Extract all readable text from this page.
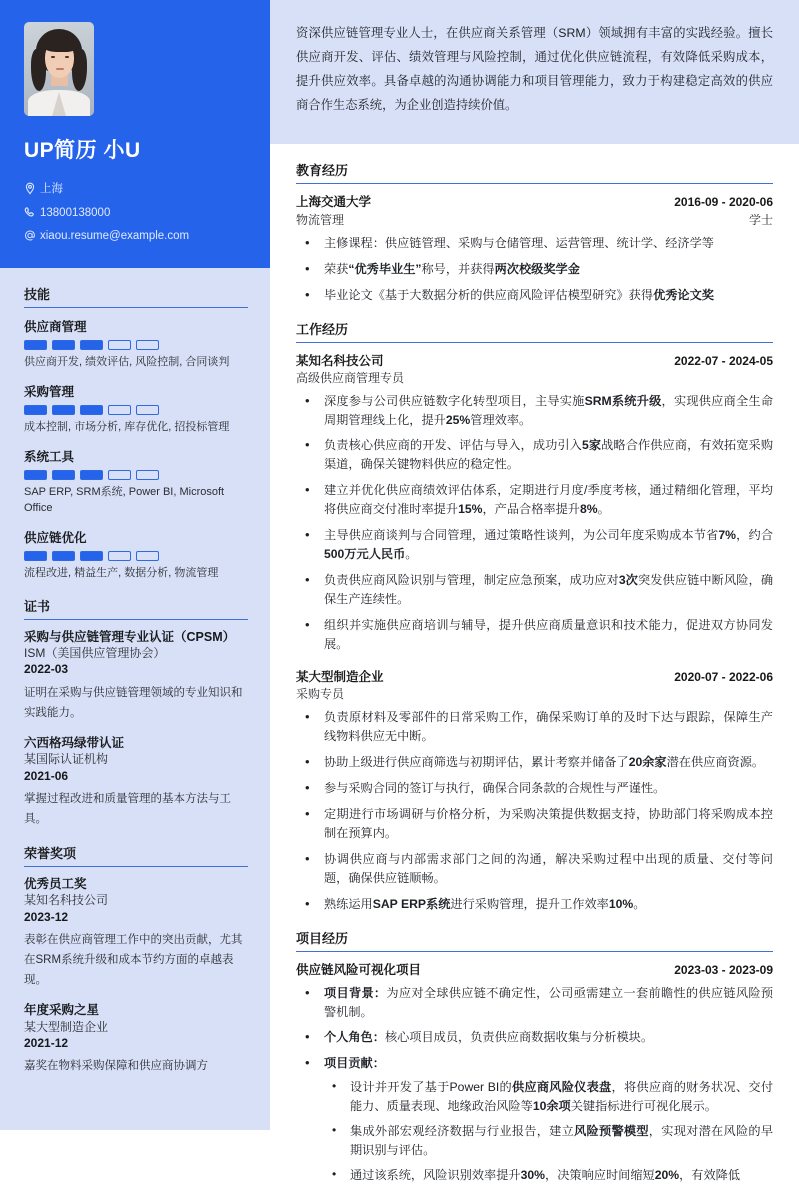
UP简历 小U
上海
13800138000
xiaou.resume@example.com
技能
供应商管理
供应商开发, 绩效评估, 风险控制, 合同谈判
采购管理
成本控制, 市场分析, 库存优化, 招投标管理
系统工具
SAP ERP, SRM系统, Power BI, Microsoft Office
供应链优化
流程改进, 精益生产, 数据分析, 物流管理
证书
采购与供应链管理专业认证（CPSM）
ISM（美国供应管理协会）
2022-03
证明在采购与供应链管理领域的专业知识和实践能力。
六西格玛绿带认证
某国际认证机构
2021-06
掌握过程改进和质量管理的基本方法与工具。
荣誉奖项
优秀员工奖
某知名科技公司
2023-12
表彰在供应商管理工作中的突出贡献，尤其在SRM系统升级和成本节约方面的卓越表现。
年度采购之星
某大型制造企业
2021-12
嘉奖在物料采购保障和供应商协调方

资深供应链管理专业人士，在供应商关系管理（SRM）领域拥有丰富的实践经验。擅长供应商开发、评估、绩效管理与风险控制，通过优化供应链流程，有效降低采购成本，提升供应效率。具备卓越的沟通协调能力和项目管理能力，致力于构建稳定高效的供应商合作生态系统，为企业创造持续价值。

教育经历
上海交通大学	2016-09 - 2020-06
物流管理	学士
• 主修课程：供应链管理、采购与仓储管理、运营管理、统计学、经济学等
• 荣获“优秀毕业生”称号，并获得两次校级奖学金
• 毕业论文《基于大数据分析的供应商风险评估模型研究》获得优秀论文奖
工作经历
某知名科技公司	2022-07 - 2024-05
高级供应商管理专员
• 深度参与公司供应链数字化转型项目，主导实施SRM系统升级，实现供应商全生命周期管理线上化，提升25%管理效率。
• 负责核心供应商的开发、评估与导入，成功引入5家战略合作供应商，有效拓宽采购渠道，确保关键物料供应的稳定性。
• 建立并优化供应商绩效评估体系，定期进行月度/季度考核，通过精细化管理，平均将供应商交付准时率提升15%，产品合格率提升8%。
• 主导供应商谈判与合同管理，通过策略性谈判，为公司年度采购成本节省7%，约合500万元人民币。
• 负责供应商风险识别与管理，制定应急预案，成功应对3次突发供应链中断风险，确保生产连续性。
• 组织并实施供应商培训与辅导，提升供应商质量意识和技术能力，促进双方协同发展。
某大型制造企业	2020-07 - 2022-06
采购专员
• 负责原材料及零部件的日常采购工作，确保采购订单的及时下达与跟踪，保障生产线物料供应无中断。
• 协助上级进行供应商筛选与初期评估，累计考察并储备了20余家潜在供应商资源。
• 参与采购合同的签订与执行，确保合同条款的合规性与严谨性。
• 定期进行市场调研与价格分析，为采购决策提供数据支持，协助部门将采购成本控制在预算内。
• 协调供应商与内部需求部门之间的沟通，解决采购过程中出现的质量、交付等问题，确保供应链顺畅。
• 熟练运用SAP ERP系统进行采购管理，提升工作效率10%。
项目经历
供应链风险可视化项目	2023-03 - 2023-09
• 项目背景：为应对全球供应链不确定性，公司亟需建立一套前瞻性的供应链风险预警机制。
• 个人角色：核心项目成员，负责供应商数据收集与分析模块。
• 项目贡献：
• 设计并开发了基于Power BI的供应商风险仪表盘，将供应商的财务状况、交付能力、质量表现、地缘政治风险等10余项关键指标进行可视化展示。
• 集成外部宏观经济数据与行业报告，建立风险预警模型，实现对潜在风险的早期识别与评估。
• 通过该系统，风险识别效率提升30%，决策响应时间缩短20%，有效降低
